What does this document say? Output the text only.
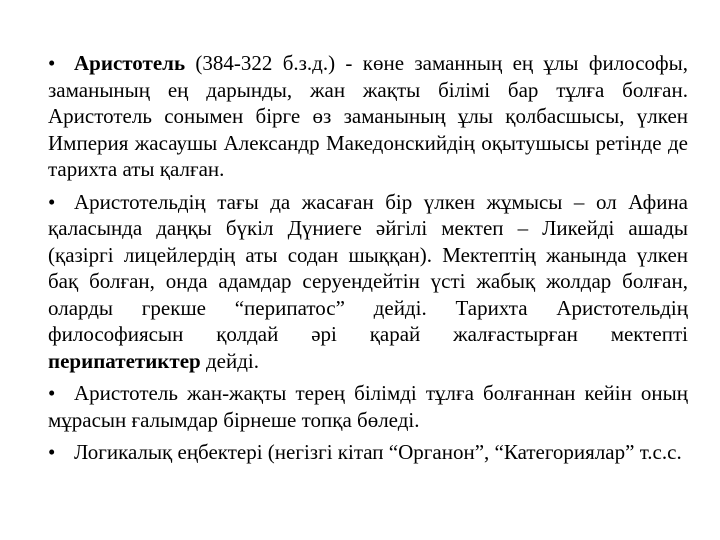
• Аристотель (384-322 б.з.д.) - көне заманның ең ұлы философы, заманының ең дарынды, жан жақты білімі бар тұлға болған. Аристотель сонымен бірге өз заманының ұлы қолбасшысы, үлкен Империя жасаушы Александр Македонскийдің оқытушысы ретінде де тарихта аты қалған.

• Аристотельдің тағы да жасаған бір үлкен жұмысы – ол Афина қаласында даңқы бүкіл Дүниеге әйгілі мектеп – Ликейді ашады (қазіргі лицейлердің аты содан шыққан). Мектептің жанында үлкен бақ болған, онда адамдар серуендейтін үсті жабық жолдар болған, оларды грекше “перипатос” дейді. Тарихта Аристотельдің философиясын қолдай әрі қарай жалғастырған мектепті перипатетиктер дейді.

• Аристотель жан-жақты терең білімді тұлға болғаннан кейін оның мұрасын ғалымдар бірнеше топқа бөледі.

• Логикалық еңбектері (негізгі кітап “Органон”, “Категориялар” т.с.с.
